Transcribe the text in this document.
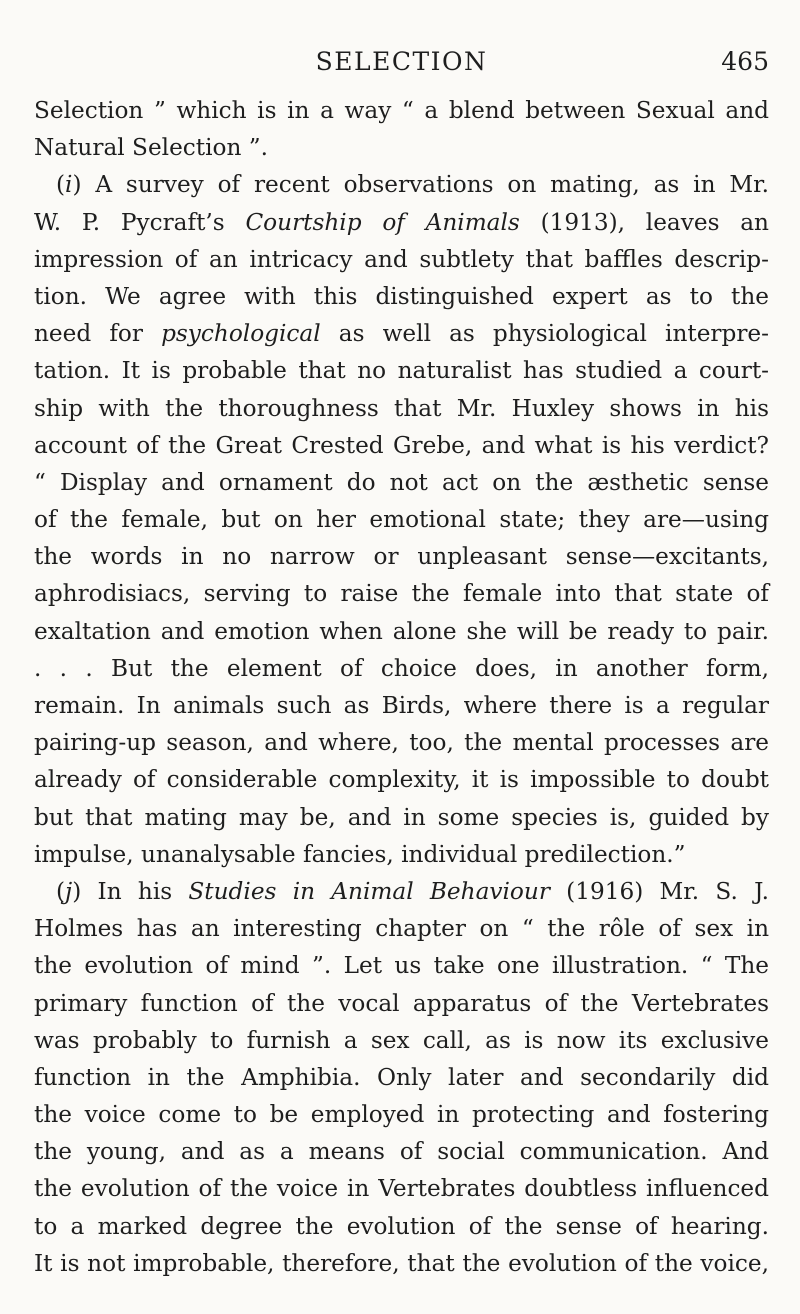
SELECTION	465
Selection ” which is in a way “ a blend between Sexual and
Natural Selection ”.
(i) A survey of recent observations on mating, as in Mr.
W. P. Pycraft’s Courtship of Animals (1913), leaves an
impression of an intricacy and subtlety that baffles descrip-
tion. We agree with this distinguished expert as to the
need for psychological as well as physiological interpre-
tation. It is probable that no naturalist has studied a court-
ship with the thoroughness that Mr. Huxley shows in his
account of the Great Crested Grebe, and what is his verdict?
“ Display and ornament do not act on the æsthetic sense
of the female, but on her emotional state; they are—using
the words in no narrow or unpleasant sense—excitants,
aphrodisiacs, serving to raise the female into that state of
exaltation and emotion when alone she will be ready to pair.
. . . But the element of choice does, in another form,
remain. In animals such as Birds, where there is a regular
pairing-up season, and where, too, the mental processes are
already of considerable complexity, it is impossible to doubt
but that mating may be, and in some species is, guided by
impulse, unanalysable fancies, individual predilection.”
(j) In his Studies in Animal Behaviour (1916) Mr. S. J.
Holmes has an interesting chapter on “ the rôle of sex in
the evolution of mind ”. Let us take one illustration. “ The
primary function of the vocal apparatus of the Vertebrates
was probably to furnish a sex call, as is now its exclusive
function in the Amphibia. Only later and secondarily did
the voice come to be employed in protecting and fostering
the young, and as a means of social communication. And
the evolution of the voice in Vertebrates doubtless influenced
to a marked degree the evolution of the sense of hearing.
It is not improbable, therefore, that the evolution of the voice,
